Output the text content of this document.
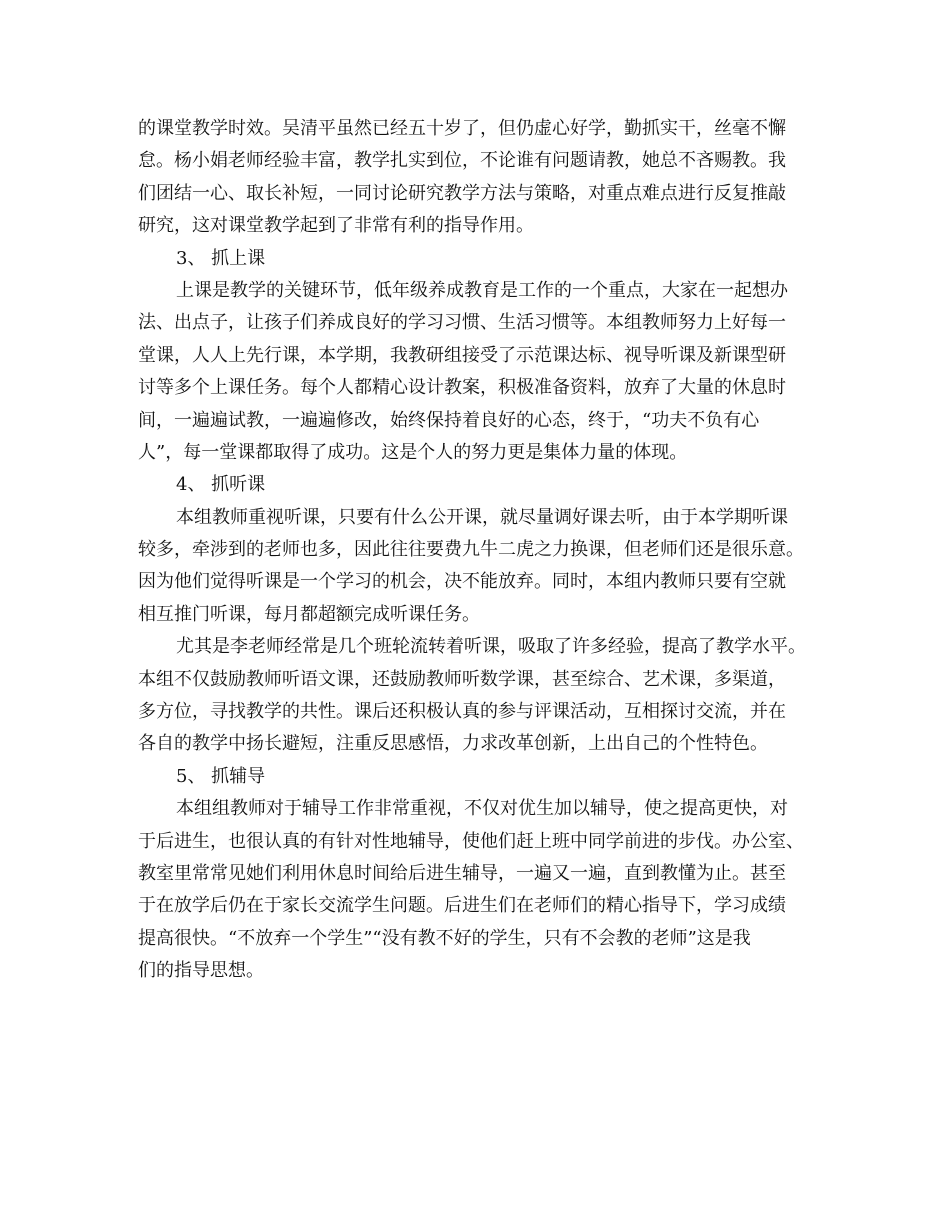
的课堂教学时效。吴清平虽然已经五十岁了，但仍虚心好学，勤抓实干，丝毫不懈
怠。杨小娟老师经验丰富，教学扎实到位，不论谁有问题请教，她总不吝赐教。我
们团结一心、取长补短，一同讨论研究教学方法与策略，对重点难点进行反复推敲
研究，这对课堂教学起到了非常有利的指导作用。
3、 抓上课
上课是教学的关键环节，低年级养成教育是工作的一个重点，大家在一起想办
法、出点子，让孩子们养成良好的学习习惯、生活习惯等。本组教师努力上好每一
堂课，人人上先行课，本学期，我教研组接受了示范课达标、视导听课及新课型研
讨等多个上课任务。每个人都精心设计教案，积极准备资料，放弃了大量的休息时
间，一遍遍试教，一遍遍修改，始终保持着良好的心态，终于，“功夫不负有心
人”，每一堂课都取得了成功。这是个人的努力更是集体力量的体现。
4、 抓听课
本组教师重视听课，只要有什么公开课，就尽量调好课去听，由于本学期听课
较多，牵涉到的老师也多，因此往往要费九牛二虎之力换课，但老师们还是很乐意。
因为他们觉得听课是一个学习的机会，决不能放弃。同时，本组内教师只要有空就
相互推门听课，每月都超额完成听课任务。
尤其是李老师经常是几个班轮流转着听课，吸取了许多经验，提高了教学水平。
本组不仅鼓励教师听语文课，还鼓励教师听数学课，甚至综合、艺术课，多渠道，
多方位，寻找教学的共性。课后还积极认真的参与评课活动，互相探讨交流，并在
各自的教学中扬长避短，注重反思感悟，力求改革创新，上出自己的个性特色。
5、 抓辅导
本组组教师对于辅导工作非常重视，不仅对优生加以辅导，使之提高更快，对
于后进生，也很认真的有针对性地辅导，使他们赶上班中同学前进的步伐。办公室、
教室里常常见她们利用休息时间给后进生辅导，一遍又一遍，直到教懂为止。甚至
于在放学后仍在于家长交流学生问题。后进生们在老师们的精心指导下，学习成绩
提高很快。“不放弃一个学生”“没有教不好的学生，只有不会教的老师”这是我
们的指导思想。
